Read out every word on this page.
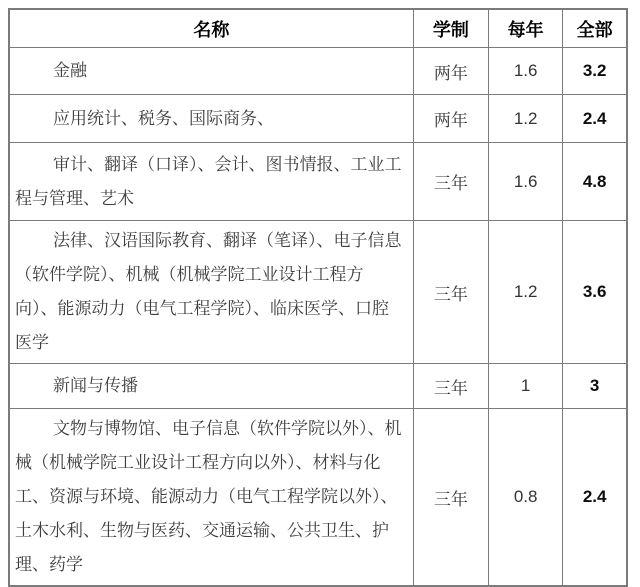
名称	学制	每年	全部
金融	两年	1.6	3.2
应用统计、税务、国际商务、	两年	1.2	2.4
审计、翻译（口译）、会计、图书情报、工业工程与管理、艺术	三年	1.6	4.8
法律、汉语国际教育、翻译（笔译）、电子信息（软件学院）、机械（机械学院工业设计工程方向）、能源动力（电气工程学院）、临床医学、口腔医学	三年	1.2	3.6
新闻与传播	三年	1	3
文物与博物馆、电子信息（软件学院以外）、机械（机械学院工业设计工程方向以外）、材料与化工、资源与环境、能源动力（电气工程学院以外）、土木水利、生物与医药、交通运输、公共卫生、护理、药学	三年	0.8	2.4
